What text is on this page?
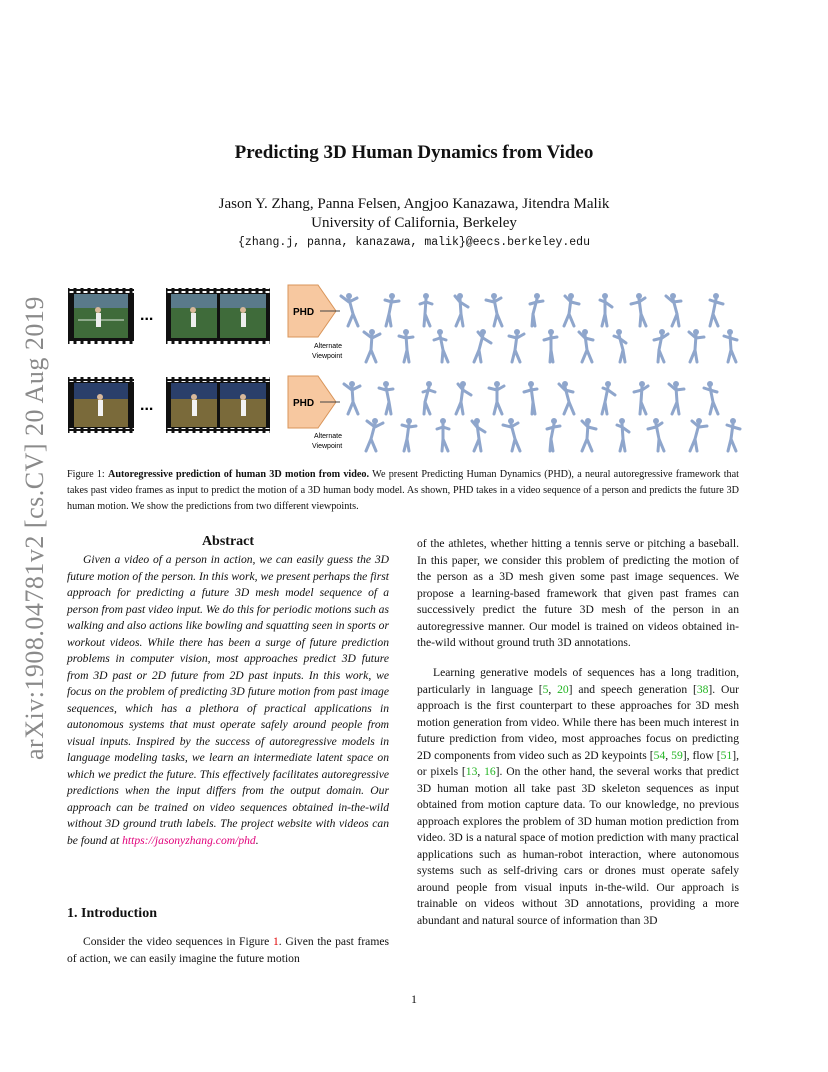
arXiv:1908.04781v2 [cs.CV] 20 Aug 2019
Predicting 3D Human Dynamics from Video
Jason Y. Zhang, Panna Felsen, Angjoo Kanazawa, Jitendra Malik
University of California, Berkeley
{zhang.j, panna, kanazawa, malik}@eecs.berkeley.edu
...	PHD
Alternate
Viewpoint
...	PHD
Alternate
Viewpoint
Figure 1: Autoregressive prediction of human 3D motion from video. We present Predicting Human Dynamics (PHD), a neural autoregressive framework that takes past video frames as input to predict the motion of a 3D human body model. As shown, PHD takes in a video sequence of a person and predicts the future 3D human motion. We show the predictions from two different viewpoints.
Abstract
Given a video of a person in action, we can easily guess the 3D future motion of the person. In this work, we present perhaps the first approach for predicting a future 3D mesh model sequence of a person from past video input. We do this for periodic motions such as walking and also actions like bowling and squatting seen in sports or workout videos. While there has been a surge of future prediction problems in computer vision, most approaches predict 3D future from 3D past or 2D future from 2D past inputs. In this work, we focus on the problem of predicting 3D future motion from past image sequences, which has a plethora of practical applications in autonomous systems that must operate safely around people from visual inputs. Inspired by the success of autoregressive models in language modeling tasks, we learn an intermediate latent space on which we predict the future. This effectively facilitates autoregressive predictions when the input differs from the output domain. Our approach can be trained on video sequences obtained in-the-wild without 3D ground truth labels. The project website with videos can be found at https://jasonyzhang.com/phd.
1. Introduction
Consider the video sequences in Figure 1. Given the past frames of action, we can easily imagine the future motion
of the athletes, whether hitting a tennis serve or pitching a baseball. In this paper, we consider this problem of predicting the motion of the person as a 3D mesh given some past image sequences. We propose a learning-based framework that given past frames can successively predict the future 3D mesh of the person in an autoregressive manner. Our model is trained on videos obtained in-the-wild without ground truth 3D annotations.
Learning generative models of sequences has a long tradition, particularly in language [5, 20] and speech generation [38]. Our approach is the first counterpart to these approaches for 3D mesh motion generation from video. While there has been much interest in future prediction from video, most approaches focus on predicting 2D components from video such as 2D keypoints [54, 59], flow [51], or pixels [13, 16]. On the other hand, the several works that predict 3D human motion all take past 3D skeleton sequences as input obtained from motion capture data. To our knowledge, no previous approach explores the problem of 3D human motion prediction from video. 3D is a natural space of motion prediction with many practical applications such as human-robot interaction, where autonomous systems such as self-driving cars or drones must operate safely around people from visual inputs in-the-wild. Our approach is trainable on videos without 3D annotations, providing a more abundant and natural source of information than 3D
1
